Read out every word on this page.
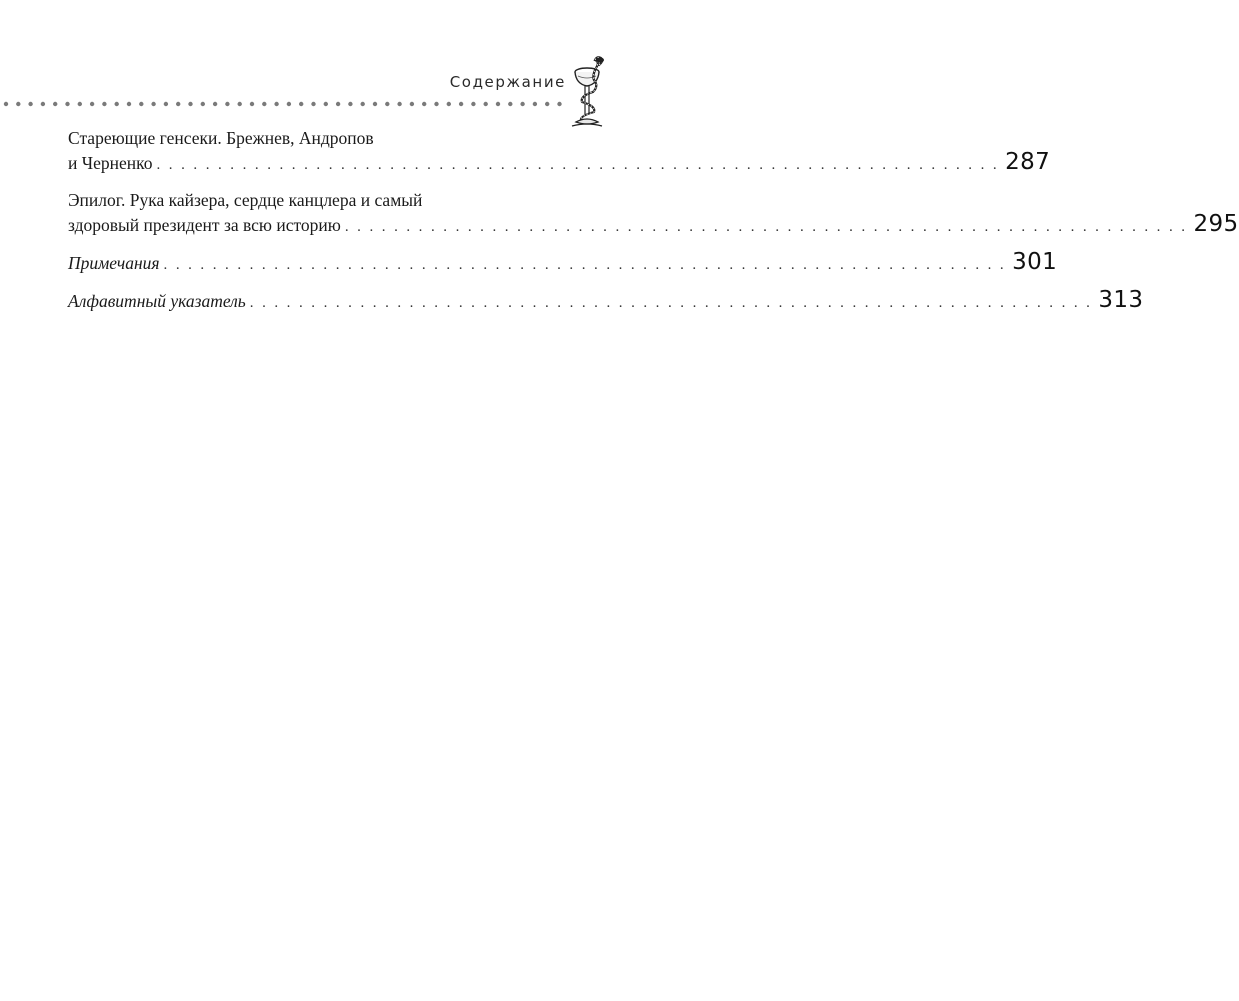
Содержание
Стареющие генсеки. Брежнев, Андропов
и Черненко . . . . . . . . . . . . . . . . . . . . . . . . . . . . . . . . . . . . . . . . . . . . . . . . . . . . . . . . . . . . . . . . . . . . . 287
Эпилог. Рука кайзера, сердце канцлера и самый
здоровый президент за всю историю . . . . . . . . . . . . . . . . . . . . . . . . . . . . . . . . . . . . . . . . . . . . . . . . . . . . . . . . . . . . . . . . . . . . . 295
Примечания . . . . . . . . . . . . . . . . . . . . . . . . . . . . . . . . . . . . . . . . . . . . . . . . . . . . . . . . . . . . . . . . . . . . . 301
Алфавитный указатель . . . . . . . . . . . . . . . . . . . . . . . . . . . . . . . . . . . . . . . . . . . . . . . . . . . . . . . . . . . . . . . . . . . . . 313
